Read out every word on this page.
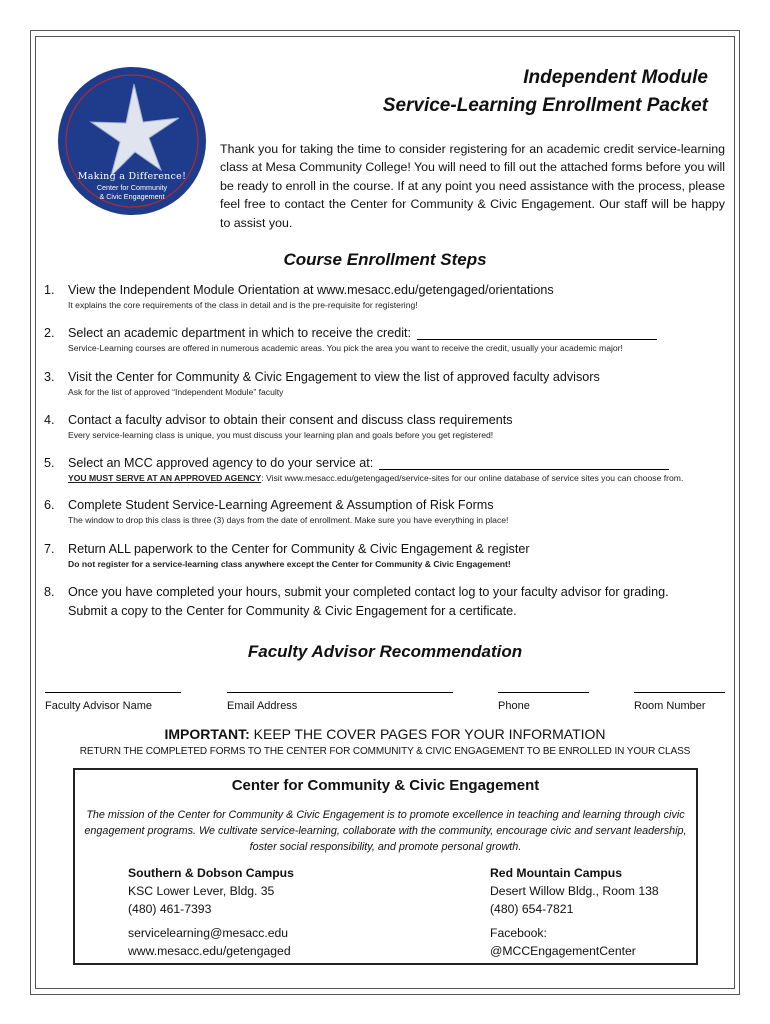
Making a Difference!
Center for Community
& Civic Engagement
Independent Module
Service-Learning Enrollment Packet
Thank you for taking the time to consider registering for an academic credit service-learning class at Mesa Community College! You will need to fill out the attached forms before you will be ready to enroll in the course. If at any point you need assistance with the process, please feel free to contact the Center for Community & Civic Engagement. Our staff will be happy to assist you.
Course Enrollment Steps
1. View the Independent Module Orientation at www.mesacc.edu/getengaged/orientations
It explains the core requirements of the class in detail and is the pre-requisite for registering!
2. Select an academic department in which to receive the credit:
Service-Learning courses are offered in numerous academic areas. You pick the area you want to receive the credit, usually your academic major!
3. Visit the Center for Community & Civic Engagement to view the list of approved faculty advisors
Ask for the list of approved “Independent Module” faculty
4. Contact a faculty advisor to obtain their consent and discuss class requirements
Every service-learning class is unique, you must discuss your learning plan and goals before you get registered!
5. Select an MCC approved agency to do your service at:
YOU MUST SERVE AT AN APPROVED AGENCY: Visit www.mesacc.edu/getengaged/service-sites for our online database of service sites you can choose from.
6. Complete Student Service-Learning Agreement & Assumption of Risk Forms
The window to drop this class is three (3) days from the date of enrollment. Make sure you have everything in place!
7. Return ALL paperwork to the Center for Community & Civic Engagement & register
Do not register for a service-learning class anywhere except the Center for Community & Civic Engagement!
8. Once you have completed your hours, submit your completed contact log to your faculty advisor for grading.
Submit a copy to the Center for Community & Civic Engagement for a certificate.
Faculty Advisor Recommendation
Faculty Advisor Name	Email Address	Phone	Room Number
IMPORTANT: KEEP THE COVER PAGES FOR YOUR INFORMATION
RETURN THE COMPLETED FORMS TO THE CENTER FOR COMMUNITY & CIVIC ENGAGEMENT TO BE ENROLLED IN YOUR CLASS
Center for Community & Civic Engagement
The mission of the Center for Community & Civic Engagement is to promote excellence in teaching and learning through civic engagement programs. We cultivate service-learning, collaborate with the community, encourage civic and servant leadership, foster social responsibility, and promote personal growth.
Southern & Dobson Campus
KSC Lower Lever, Bldg. 35
(480) 461-7393
servicelearning@mesacc.edu
www.mesacc.edu/getengaged
Red Mountain Campus
Desert Willow Bldg., Room 138
(480) 654-7821
Facebook:
@MCCEngagementCenter
